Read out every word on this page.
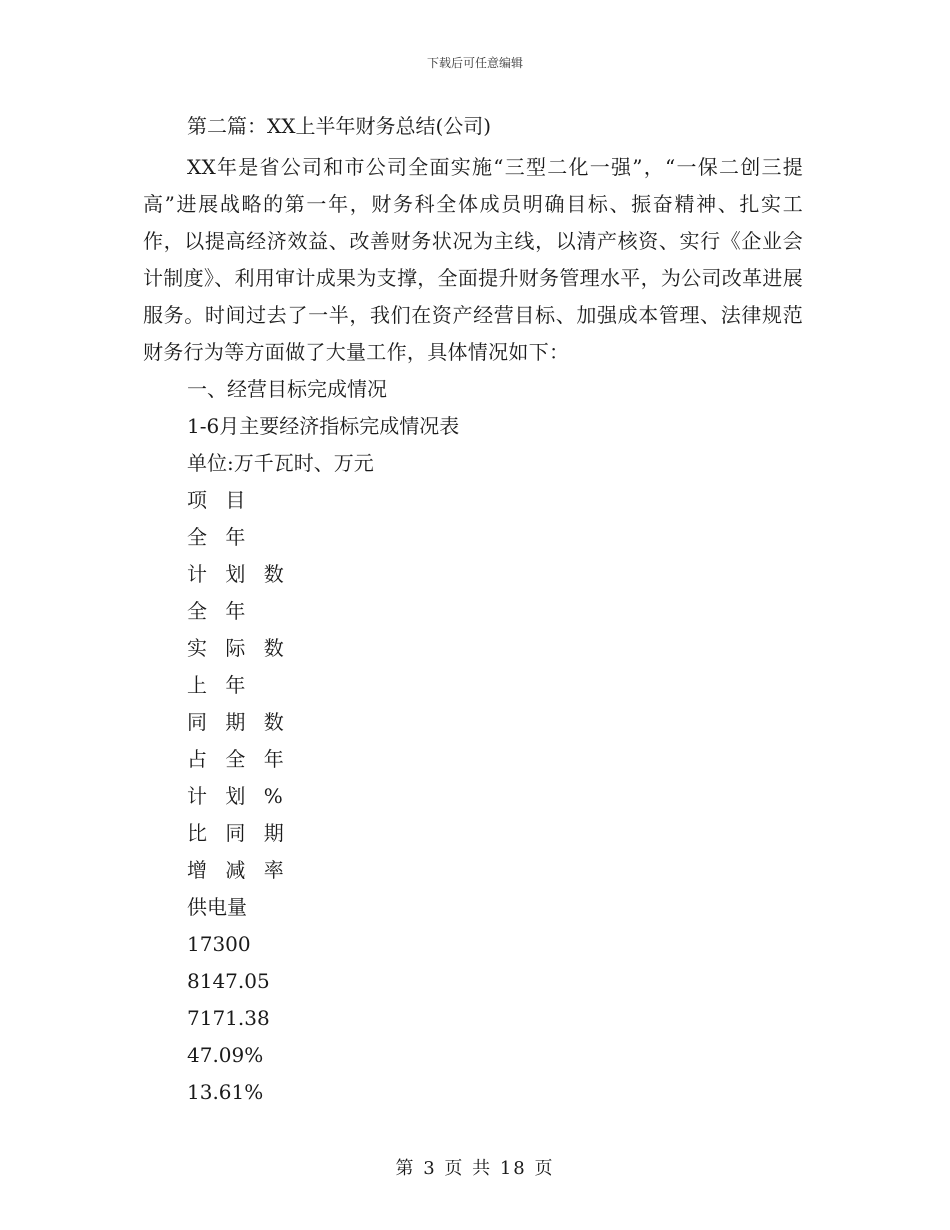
下载后可任意编辑
第二篇：XX上半年财务总结(公司)

XX年是省公司和市公司全面实施“三型二化一强”，“一保二创三提高”进展战略的第一年，财务科全体成员明确目标、振奋精神、扎实工作，以提高经济效益、改善财务状况为主线，以清产核资、实行《企业会计制度》、利用审计成果为支撑，全面提升财务管理水平，为公司改革进展服务。时间过去了一半，我们在资产经营目标、加强成本管理、法律规范财务行为等方面做了大量工作，具体情况如下：

一、经营目标完成情况
1-6月主要经济指标完成情况表
单位:万千瓦时、万元
项 目
全 年
计 划 数
全 年
实 际 数
上 年
同 期 数
占 全 年
计 划 %
比 同 期
增 减 率
供电量
17300
8147.05
7171.38
47.09%
13.61%
第 3 页 共 18 页
